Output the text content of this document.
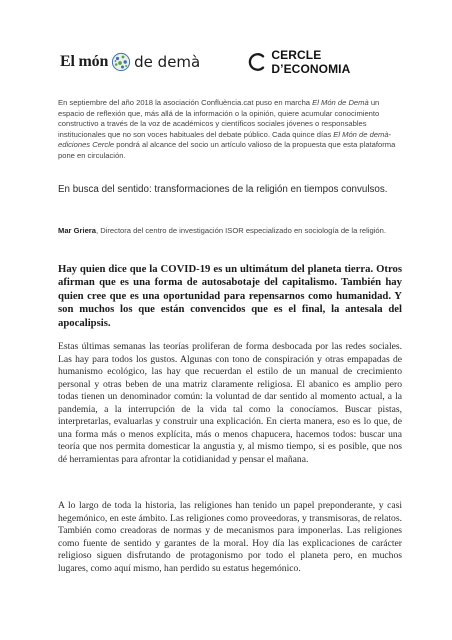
El món de demà	CERCLE D’ECONOMIA
En septiembre del año 2018 la asociación Confluència.cat puso en marcha El Món de Demà un espacio de reflexión que, más allá de la información o la opinión, quiere acumular conocimiento constructivo a través de la voz de académicos y científicos sociales jóvenes o responsables institucionales que no son voces habituales del debate público. Cada quince días El Món de demà-ediciones Cercle pondrá al alcance del socio un artículo valioso de la propuesta que esta plataforma pone en circulación.
En busca del sentido: transformaciones de la religión en tiempos convulsos.
Mar Griera, Directora del centro de investigación ISOR especializado en sociología de la religión.
Hay quien dice que la COVID-19 es un ultimátum del planeta tierra. Otros afirman que es una forma de autosabotaje del capitalismo. También hay quien cree que es una oportunidad para repensarnos como humanidad. Y son muchos los que están convencidos que es el final, la antesala del apocalipsis.
Estas últimas semanas las teorías proliferan de forma desbocada por las redes sociales. Las hay para todos los gustos. Algunas con tono de conspiración y otras empapadas de humanismo ecológico, las hay que recuerdan el estilo de un manual de crecimiento personal y otras beben de una matriz claramente religiosa. El abanico es amplio pero todas tienen un denominador común: la voluntad de dar sentido al momento actual, a la pandemia, a la interrupción de la vida tal como la conocíamos. Buscar pistas, interpretarlas, evaluarlas y construir una explicación. En cierta manera, eso es lo que, de una forma más o menos explícita, más o menos chapucera, hacemos todos: buscar una teoría que nos permita domesticar la angustia y, al mismo tiempo, si es posible, que nos dé herramientas para afrontar la cotidianidad y pensar el mañana.
A lo largo de toda la historia, las religiones han tenido un papel preponderante, y casi hegemónico, en este ámbito. Las religiones como proveedoras, y transmisoras, de relatos. También como creadoras de normas y de mecanismos para imponerlas. Las religiones como fuente de sentido y garantes de la moral. Hoy día las explicaciones de carácter religioso siguen disfrutando de protagonismo por todo el planeta pero, en muchos lugares, como aquí mismo, han perdido su estatus hegemónico.
